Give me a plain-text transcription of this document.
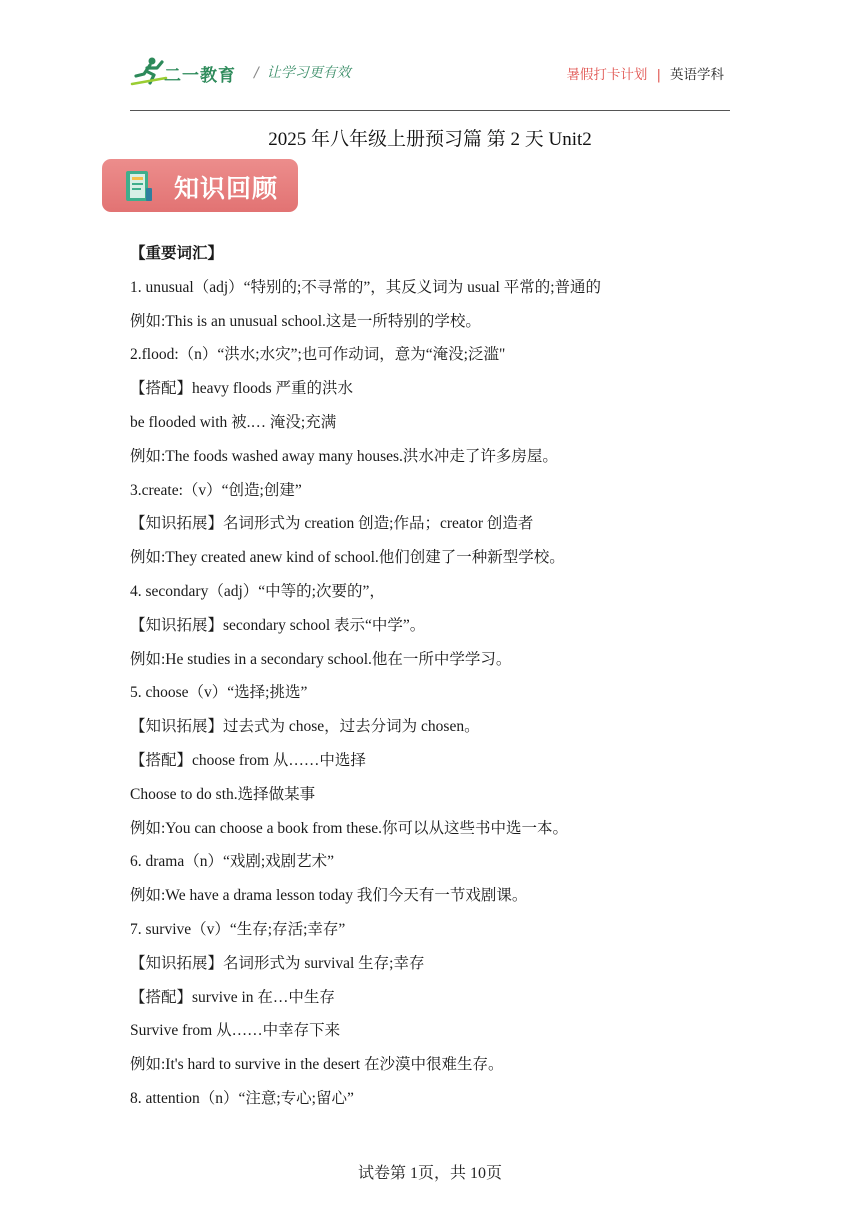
二一教育 / 让学习更有效	暑假打卡计划 | 英语学科
2025 年八年级上册预习篇 第 2 天 Unit2
知识回顾
【重要词汇】
1. unusual（adj）“特别的;不寻常的”，其反义词为 usual 平常的;普通的
例如:This is an unusual school.这是一所特别的学校。
2.flood:（n）“洪水;水灾”;也可作动词，意为“淹没;泛滥"
【搭配】heavy floods 严重的洪水
be flooded with 被.… 淹没;充满
例如:The foods washed away many houses.洪水冲走了许多房屋。
3.create:（v）“创造;创建”
【知识拓展】名词形式为 creation 创造;作品；creator 创造者
例如:They created anew kind of school.他们创建了一种新型学校。
4. secondary（adj）“中等的;次要的”，
【知识拓展】secondary school 表示“中学”。
例如:He studies in a secondary school.他在一所中学学习。
5. choose（v）“选择;挑选”
【知识拓展】过去式为 chose，过去分词为 chosen。
【搭配】choose from 从……中选择
Choose to do sth.选择做某事
例如:You can choose a book from these.你可以从这些书中选一本。
6. drama（n）“戏剧;戏剧艺术”
例如:We have a drama lesson today 我们今天有一节戏剧课。
7. survive（v）“生存;存活;幸存”
【知识拓展】名词形式为 survival 生存;幸存
【搭配】survive in 在…中生存
Survive from 从……中幸存下来
例如:It's hard to survive in the desert 在沙漠中很难生存。
8. attention（n）“注意;专心;留心”
试卷第 1页，共 10页
